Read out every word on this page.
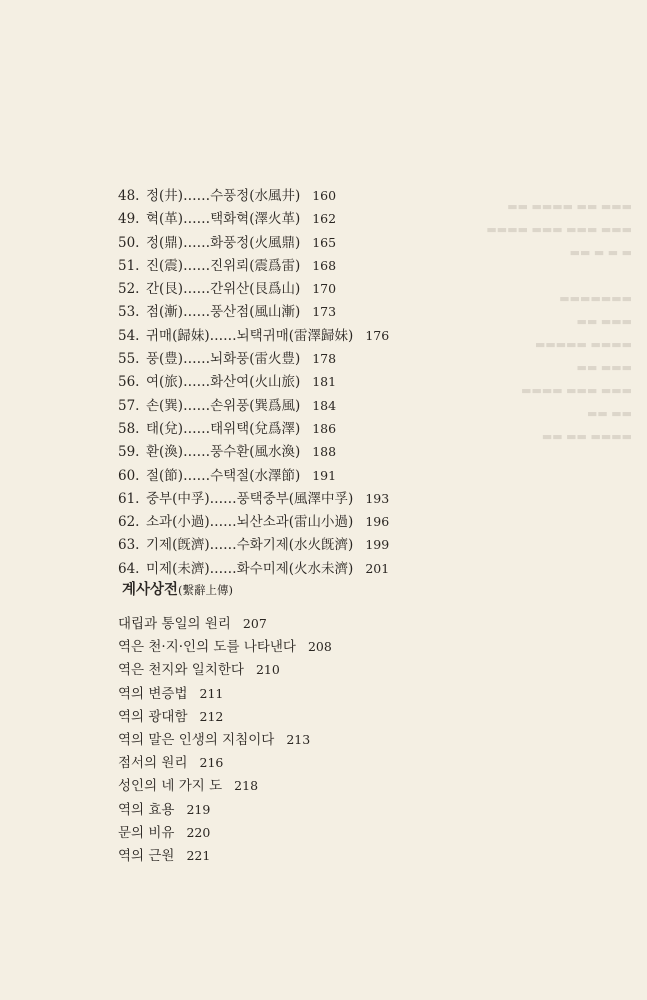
▬▬▬ ▬▬ ▬▬▬▬ ▬▬
▬▬▬ ▬▬▬ ▬▬▬ ▬▬▬▬
▬ ▬ ▬ ▬▬

▬▬▬▬▬▬▬
▬▬▬ ▬▬
▬▬▬▬ ▬▬▬▬▬
▬▬▬ ▬▬
▬▬▬ ▬▬▬ ▬▬▬▬
▬▬ ▬▬
▬▬▬▬ ▬▬ ▬▬
48. 정(井)……수풍정(水風井) 160
49. 혁(革)……택화혁(澤火革) 162
50. 정(鼎)……화풍정(火風鼎) 165
51. 진(震)……진위뢰(震爲雷) 168
52. 간(艮)……간위산(艮爲山) 170
53. 점(漸)……풍산점(風山漸) 173
54. 귀매(歸妹)……뇌택귀매(雷澤歸妹) 176
55. 풍(豊)……뇌화풍(雷火豊) 178
56. 여(旅)……화산여(火山旅) 181
57. 손(巽)……손위풍(巽爲風) 184
58. 태(兌)……태위택(兌爲澤) 186
59. 환(渙)……풍수환(風水渙) 188
60. 절(節)……수택절(水澤節) 191
61. 중부(中孚)……풍택중부(風澤中孚) 193
62. 소과(小過)……뇌산소과(雷山小過) 196
63. 기제(旣濟)……수화기제(水火旣濟) 199
64. 미제(未濟)……화수미제(火水未濟) 201
계사상전(繫辭上傳)
대립과 통일의 원리 207
역은 천·지·인의 도를 나타낸다 208
역은 천지와 일치한다 210
역의 변증법 211
역의 광대함 212
역의 말은 인생의 지침이다 213
점서의 원리 216
성인의 네 가지 도 218
역의 효용 219
문의 비유 220
역의 근원 221
